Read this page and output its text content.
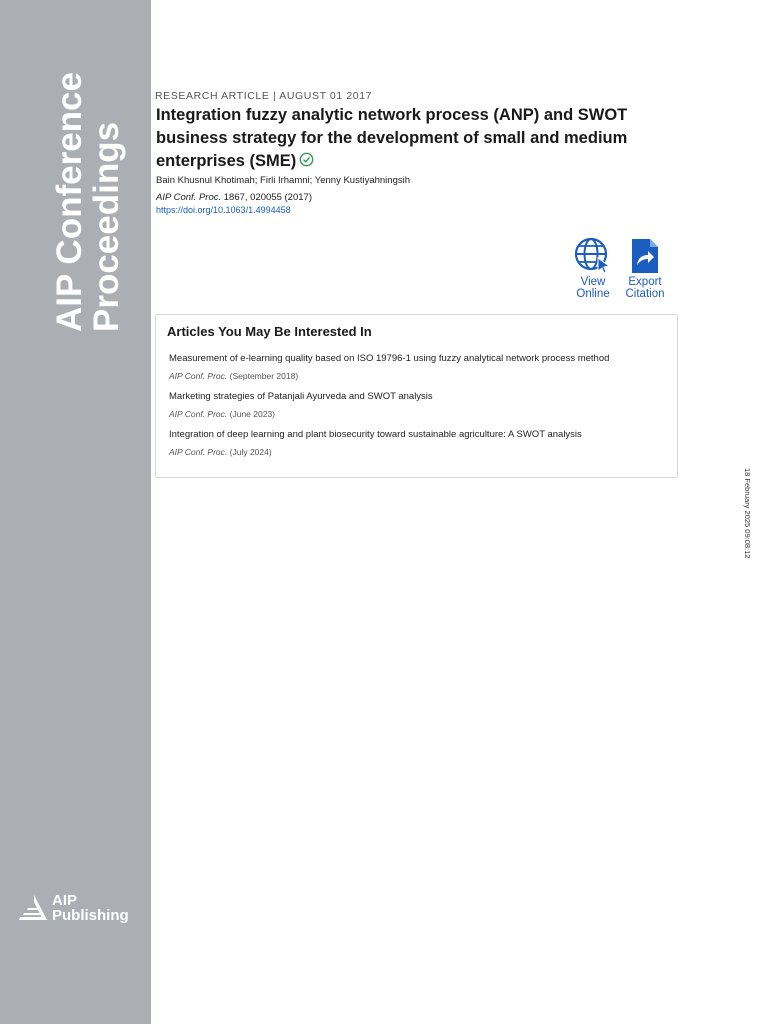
AIP Conference
Proceedings
AIP
Publishing
RESEARCH ARTICLE | AUGUST 01 2017
Integration fuzzy analytic network process (ANP) and SWOT business strategy for the development of small and medium enterprises (SME)
Bain Khusnul Khotimah; Firli Irhamni; Yenny Kustiyahningsih
AIP Conf. Proc. 1867, 020055 (2017)
https://doi.org/10.1063/1.4994458
View
Online
Export
Citation
Articles You May Be Interested In
Measurement of e-learning quality based on ISO 19796-1 using fuzzy analytical network process method
AIP Conf. Proc. (September 2018)
Marketing strategies of Patanjali Ayurveda and SWOT analysis
AIP Conf. Proc. (June 2023)
Integration of deep learning and plant biosecurity toward sustainable agriculture: A SWOT analysis
AIP Conf. Proc. (July 2024)
18 February 2025 09:08:12
